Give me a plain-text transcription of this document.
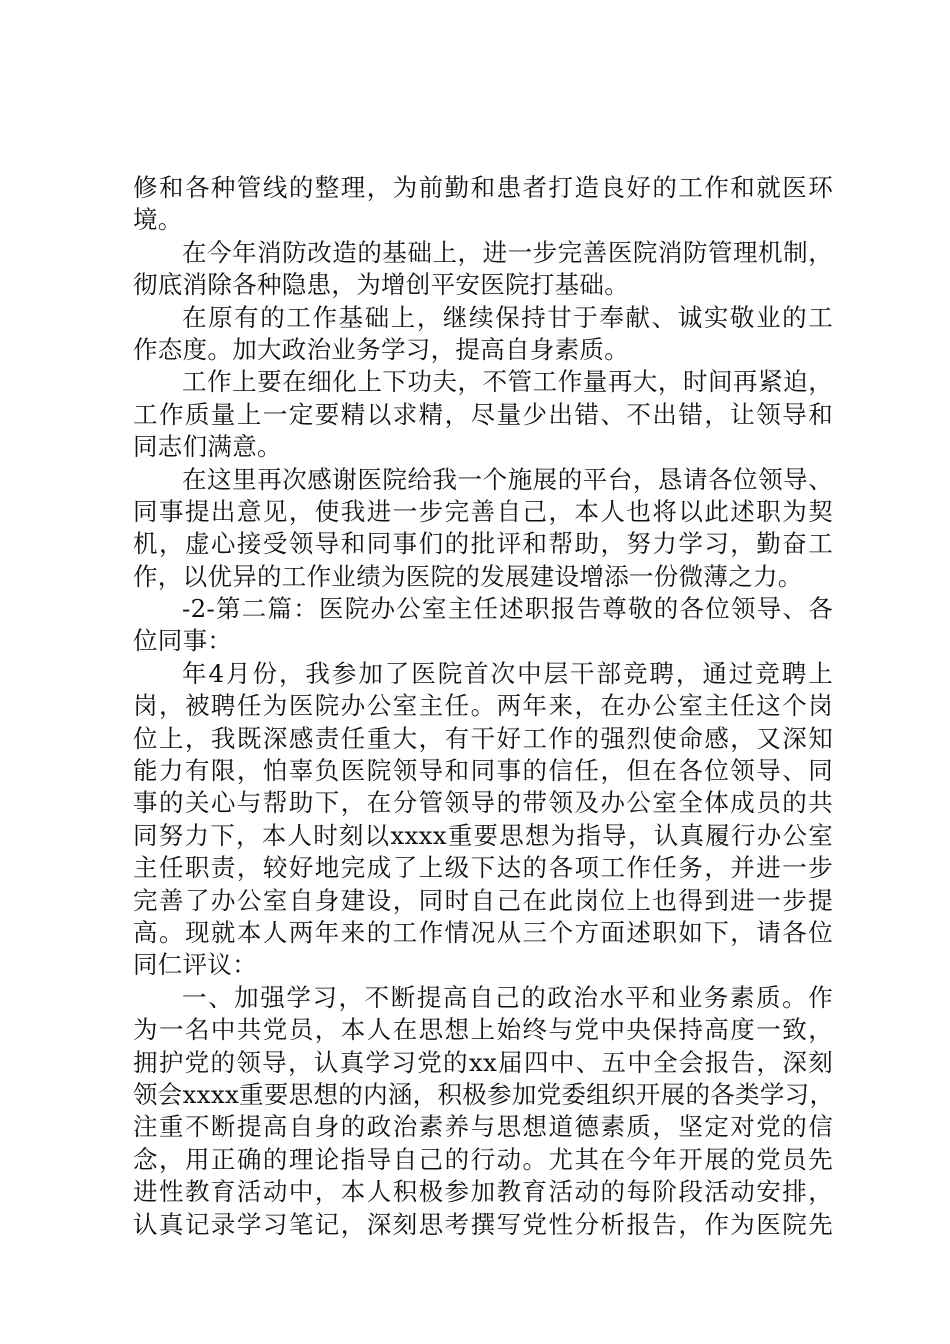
修和各种管线的整理，为前勤和患者打造良好的工作和就医环
境。
在今年消防改造的基础上，进一步完善医院消防管理机制，
彻底消除各种隐患，为增创平安医院打基础。
在原有的工作基础上，继续保持甘于奉献、诚实敬业的工
作态度。加大政治业务学习，提高自身素质。
工作上要在细化上下功夫，不管工作量再大，时间再紧迫，
工作质量上一定要精以求精，尽量少出错、不出错，让领导和
同志们满意。
在这里再次感谢医院给我一个施展的平台，恳请各位领导、
同事提出意见，使我进一步完善自己，本人也将以此述职为契
机，虚心接受领导和同事们的批评和帮助，努力学习，勤奋工
作，以优异的工作业绩为医院的发展建设增添一份微薄之力。
-2-第二篇：医院办公室主任述职报告尊敬的各位领导、各
位同事：
年4月份，我参加了医院首次中层干部竞聘，通过竞聘上
岗，被聘任为医院办公室主任。两年来，在办公室主任这个岗
位上，我既深感责任重大，有干好工作的强烈使命感，又深知
能力有限，怕辜负医院领导和同事的信任，但在各位领导、同
事的关心与帮助下，在分管领导的带领及办公室全体成员的共
同努力下，本人时刻以xxxx重要思想为指导，认真履行办公室
主任职责，较好地完成了上级下达的各项工作任务，并进一步
完善了办公室自身建设，同时自己在此岗位上也得到进一步提
高。现就本人两年来的工作情况从三个方面述职如下，请各位
同仁评议：
一、加强学习，不断提高自己的政治水平和业务素质。作
为一名中共党员，本人在思想上始终与党中央保持高度一致，
拥护党的领导，认真学习党的xx届四中、五中全会报告，深刻
领会xxxx重要思想的内涵，积极参加党委组织开展的各类学习，
注重不断提高自身的政治素养与思想道德素质，坚定对党的信
念，用正确的理论指导自己的行动。尤其在今年开展的党员先
进性教育活动中，本人积极参加教育活动的每阶段活动安排，
认真记录学习笔记，深刻思考撰写党性分析报告，作为医院先
